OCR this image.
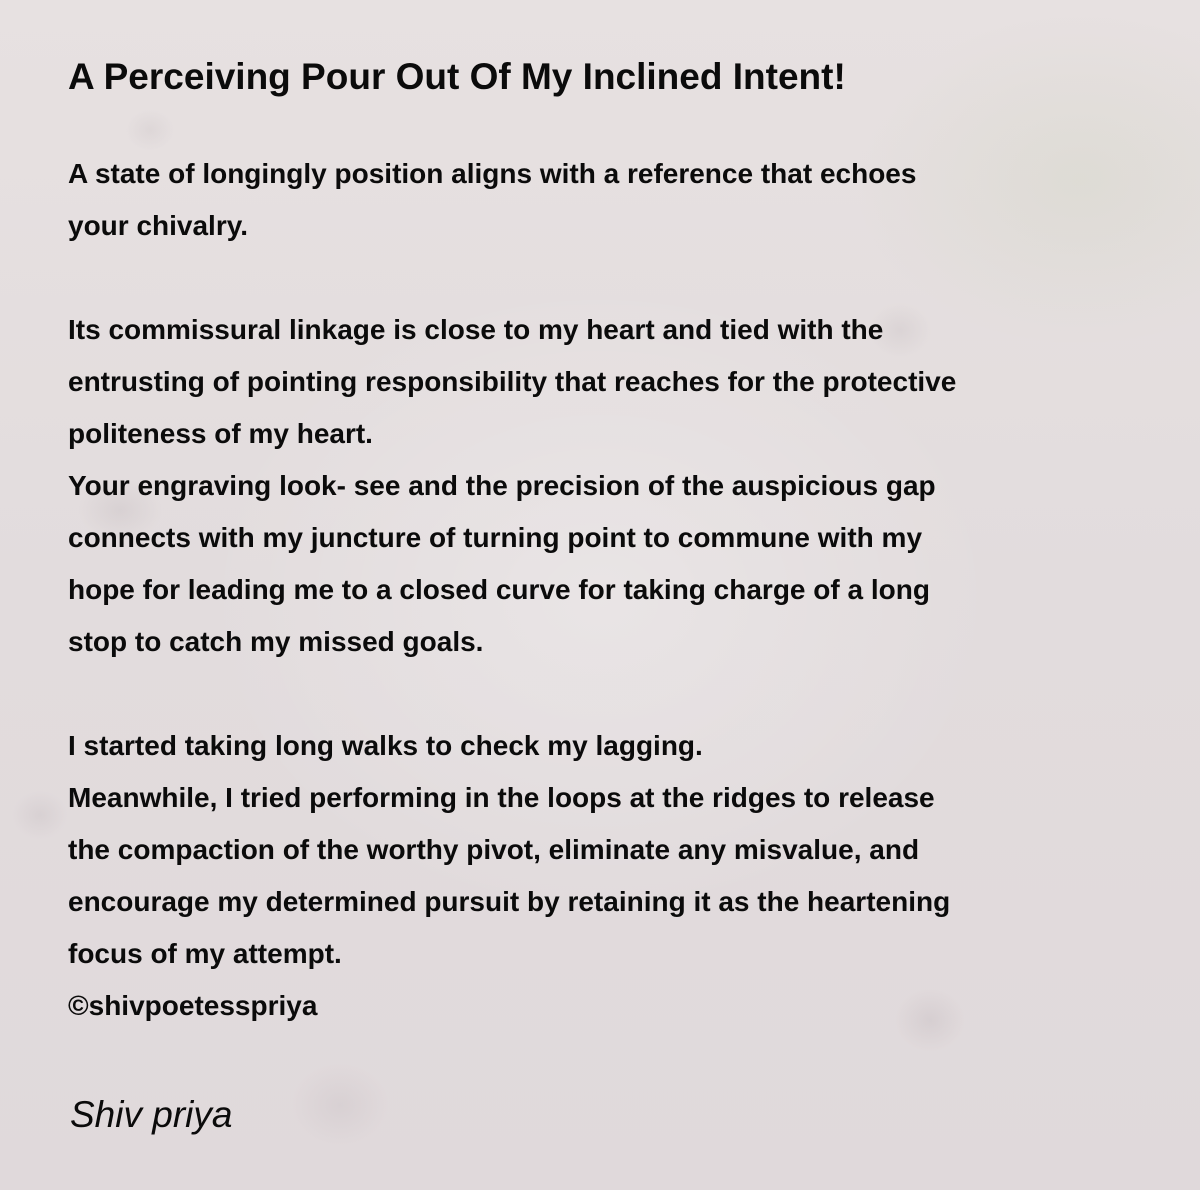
A Perceiving Pour Out Of My Inclined Intent!

A state of longingly position aligns with a reference that echoes
your chivalry.

Its commissural linkage is close to my heart and tied with the
entrusting of pointing responsibility that reaches for the protective
politeness of my heart.
Your engraving look- see and the precision of the auspicious gap
connects with my juncture of turning point to commune with my
hope for leading me to a closed curve for taking charge of a long
stop to catch my missed goals.

I started taking long walks to check my lagging.
Meanwhile, I tried performing in the loops at the ridges to release
the compaction of the worthy pivot, eliminate any misvalue, and
encourage my determined pursuit by retaining it as the heartening
focus of my attempt.
©shivpoetesspriya

Shiv priya
